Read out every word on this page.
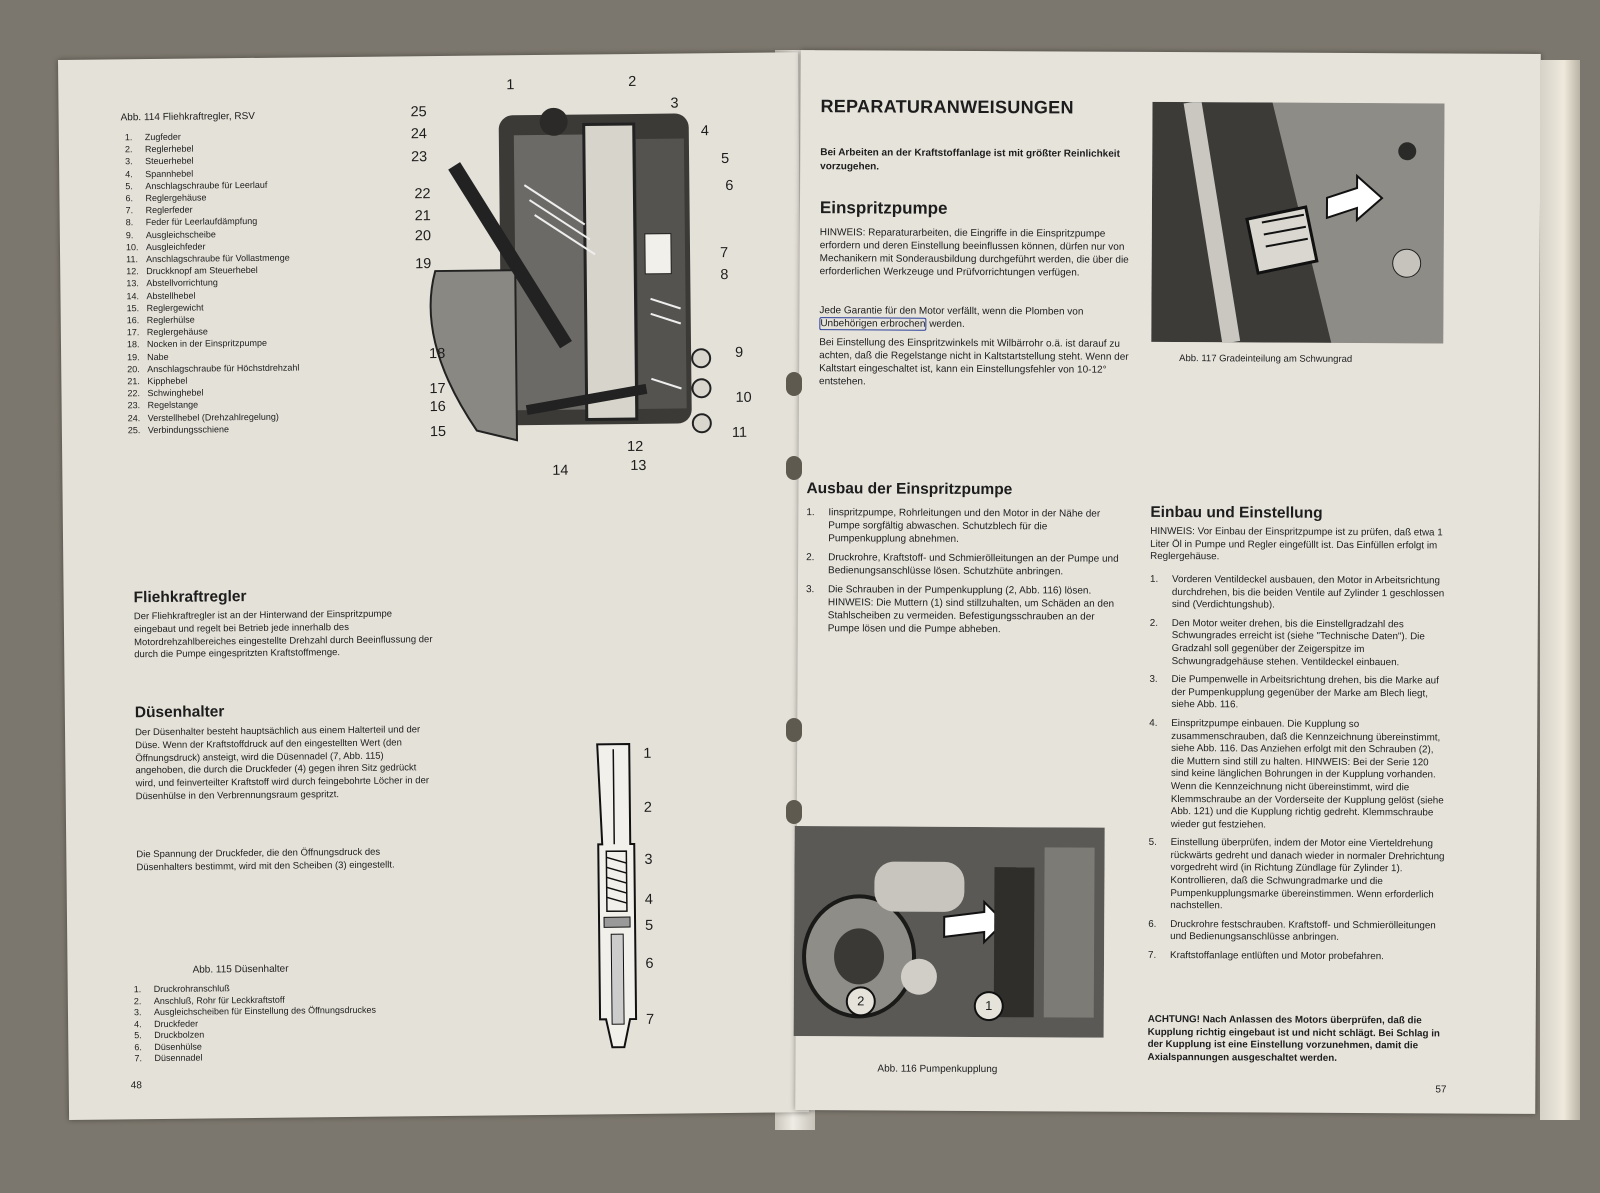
Abb. 114 Fliehkraftregler, RSV
1.	Zugfeder
2.	Reglerhebel
3.	Steuerhebel
4.	Spannhebel
5.	Anschlagschraube für Leerlauf
6.	Reglergehäuse
7.	Reglerfeder
8.	Feder für Leerlaufdämpfung
9.	Ausgleichscheibe
10. Ausgleichfeder
11. Anschlagschraube für Vollastmenge
12. Druckknopf am Steuerhebel
13. Abstellvorrichtung
14. Abstellhebel
15. Reglergewicht
16. Reglerhülse
17. Reglergehäuse
18. Nocken in der Einspritzpumpe
19. Nabe
20. Anschlagschraube für Höchstdrehzahl
21. Kipphebel
22. Schwinghebel
23. Regelstange
24. Verstellhebel (Drehzahlregelung)
25. Verbindungsschiene
1	2
3
4
5
6
7
8
9
10
11
12
13
14
15
16
17
18
19
20
21
22
23
24
25
Fliehkraftregler
Der Fliehkraftregler ist an der Hinterwand der Einspritzpumpe eingebaut und regelt bei Betrieb jede innerhalb des Motordrehzahlbereiches eingestellte Drehzahl durch Beeinflussung der durch die Pumpe eingespritzten Kraftstoffmenge.
Düsenhalter
Der Düsenhalter besteht hauptsächlich aus einem Halterteil und der Düse. Wenn der Kraftstoffdruck auf den eingestellten Wert (den Öffnungsdruck) ansteigt, wird die Düsennadel (7, Abb. 115) angehoben, die durch die Druckfeder (4) gegen ihren Sitz gedrückt wird, und feinverteilter Kraftstoff wird durch feingebohrte Löcher in der Düsenhülse in den Verbrennungsraum gespritzt.
Die Spannung der Druckfeder, die den Öffnungsdruck des Düsenhalters bestimmt, wird mit den Scheiben (3) eingestellt.
Abb. 115 Düsenhalter
1.	Druckrohranschluß
2.	Anschluß, Rohr für Leckkraftstoff
3.	Ausgleichscheiben für Einstellung des Öffnungsdruckes
4.	Druckfeder
5.	Druckbolzen
6.	Düsenhülse
7.	Düsennadel
1
2
3
4
5
6
7
48
REPARATURANWEISUNGEN
Bei Arbeiten an der Kraftstoffanlage ist mit größter Reinlichkeit vorzugehen.
Einspritzpumpe
HINWEIS: Reparaturarbeiten, die Eingriffe in die Einspritzpumpe erfordern und deren Einstellung beeinflussen können, dürfen nur von Mechanikern mit Sonderausbildung durchgeführt werden, die über die erforderlichen Werkzeuge und Prüfvorrichtungen verfügen.
Jede Garantie für den Motor verfällt, wenn die Plomben von Unbehörigen erbrochen werden.
Bei Einstellung des Einspritzwinkels mit Wilbärrohr o.ä. ist darauf zu achten, daß die Regelstange nicht in Kaltstartstellung steht. Wenn der Kaltstart eingeschaltet ist, kann ein Einstellungsfehler von 10-12° entstehen.
Abb. 117 Gradeinteilung am Schwungrad
Ausbau der Einspritzpumpe
1.	Iinspritzpumpe, Rohrleitungen und den Motor in der Nähe der Pumpe sorgfältig abwaschen. Schutzblech für die Pumpenkupplung abnehmen.
2.	Druckrohre, Kraftstoff- und Schmierölleitungen an der Pumpe und Bedienungsanschlüsse lösen. Schutzhüte anbringen.
3.	Die Schrauben in der Pumpenkupplung (2, Abb. 116) lösen. HINWEIS: Die Muttern (1) sind stillzuhalten, um Schäden an den Stahlscheiben zu vermeiden. Befestigungsschrauben an der Pumpe lösen und die Pumpe abheben.
2	1
Abb. 116 Pumpenkupplung
Einbau und Einstellung
HINWEIS: Vor Einbau der Einspritzpumpe ist zu prüfen, daß etwa 1 Liter Öl in Pumpe und Regler eingefüllt ist. Das Einfüllen erfolgt im Reglergehäuse.
1.	Vorderen Ventildeckel ausbauen, den Motor in Arbeitsrichtung durchdrehen, bis die beiden Ventile auf Zylinder 1 geschlossen sind (Verdichtungshub).
2.	Den Motor weiter drehen, bis die Einstellgradzahl des Schwungrades erreicht ist (siehe "Technische Daten"). Die Gradzahl soll gegenüber der Zeigerspitze im Schwungradgehäuse stehen. Ventildeckel einbauen.
3.	Die Pumpenwelle in Arbeitsrichtung drehen, bis die Marke auf der Pumpenkupplung gegenüber der Marke am Blech liegt, siehe Abb. 116.
4.	Einspritzpumpe einbauen. Die Kupplung so zusammenschrauben, daß die Kennzeichnung übereinstimmt, siehe Abb. 116. Das Anziehen erfolgt mit den Schrauben (2), die Muttern sind still zu halten. HINWEIS: Bei der Serie 120 sind keine länglichen Bohrungen in der Kupplung vorhanden. Wenn die Kennzeichnung nicht übereinstimmt, wird die Klemmschraube an der Vorderseite der Kupplung gelöst (siehe Abb. 121) und die Kupplung richtig gedreht. Klemmschraube wieder gut festziehen.
5.	Einstellung überprüfen, indem der Motor eine Vierteldrehung rückwärts gedreht und danach wieder in normaler Drehrichtung vorgedreht wird (in Richtung Zündlage für Zylinder 1). Kontrollieren, daß die Schwungradmarke und die Pumpenkupplungsmarke übereinstimmen. Wenn erforderlich nachstellen.
6.	Druckrohre festschrauben. Kraftstoff- und Schmierölleitungen und Bedienungsanschlüsse anbringen.
7.	Kraftstoffanlage entlüften und Motor probefahren.
ACHTUNG! Nach Anlassen des Motors überprüfen, daß die Kupplung richtig eingebaut ist und nicht schlägt. Bei Schlag in der Kupplung ist eine Einstellung vorzunehmen, damit die Axialspannungen ausgeschaltet werden.
57
